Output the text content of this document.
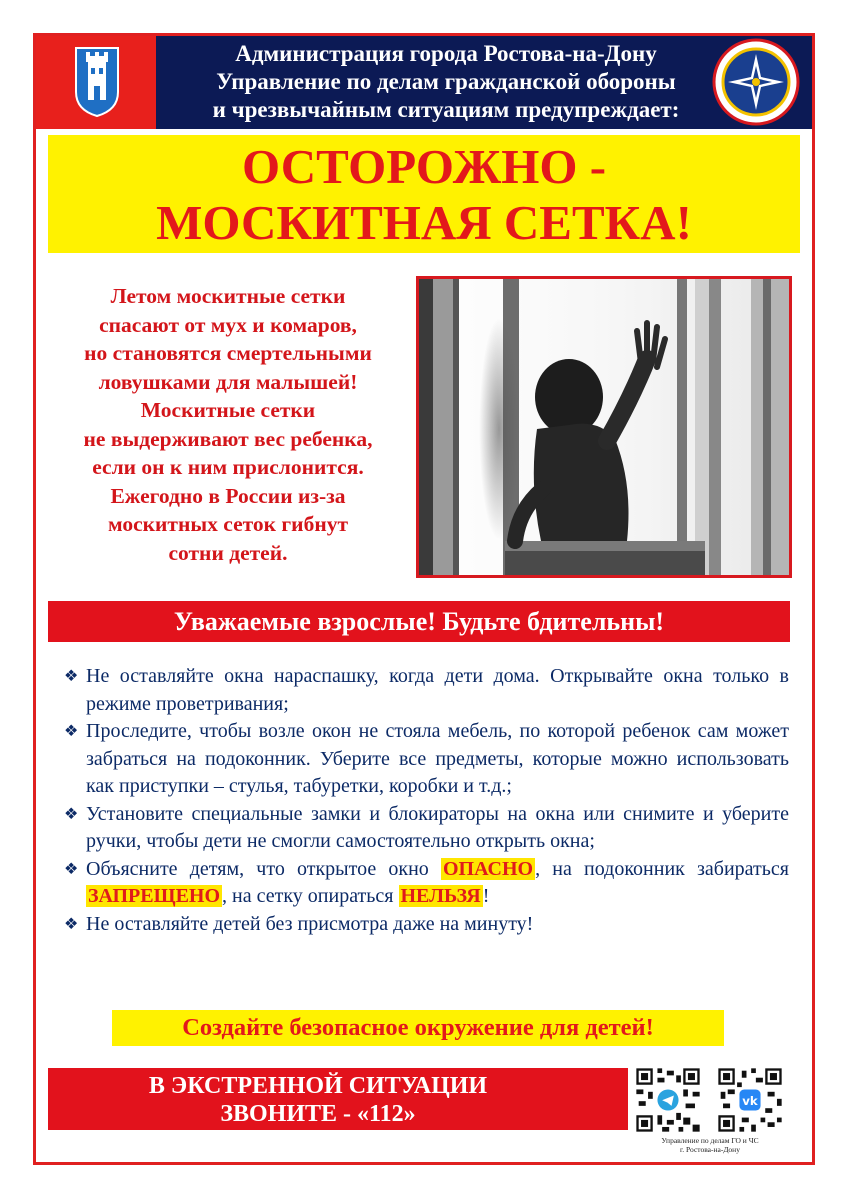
Администрация города Ростова-на-Дону
Управление по делам гражданской обороны
и чрезвычайным ситуациям предупреждает:
ОСТОРОЖНО -
МОСКИТНАЯ СЕТКА!
Летом москитные сетки
спасают от мух и комаров,
но становятся смертельными
ловушками для малышей!
Москитные сетки
не выдерживают вес ребенка,
если он к ним прислонится.
Ежегодно в России из-за
москитных сеток гибнут
сотни детей.
Уважаемые взрослые! Будьте бдительны!
❖ Не оставляйте окна нараспашку, когда дети дома. Открывайте окна только в режиме проветривания;
❖ Проследите, чтобы возле окон не стояла мебель, по которой ребенок сам может забраться на подоконник. Уберите все предметы, которые можно использовать как приступки – стулья, табуретки, коробки и т.д.;
❖ Установите специальные замки и блокираторы на окна или снимите и уберите ручки, чтобы дети не смогли самостоятельно открыть окна;
❖ Объясните детям, что открытое окно ОПАСНО , на подоконник забираться ЗАПРЕЩЕНО , на сетку опираться НЕЛЬЗЯ !
❖ Не оставляйте детей без присмотра даже на минуту!
Создайте безопасное окружение для детей!
В ЭКСТРЕННОЙ СИТУАЦИИ
ЗВОНИТЕ - «112»
vk
Управление по делам ГО и ЧС
г. Ростова-на-Дону
